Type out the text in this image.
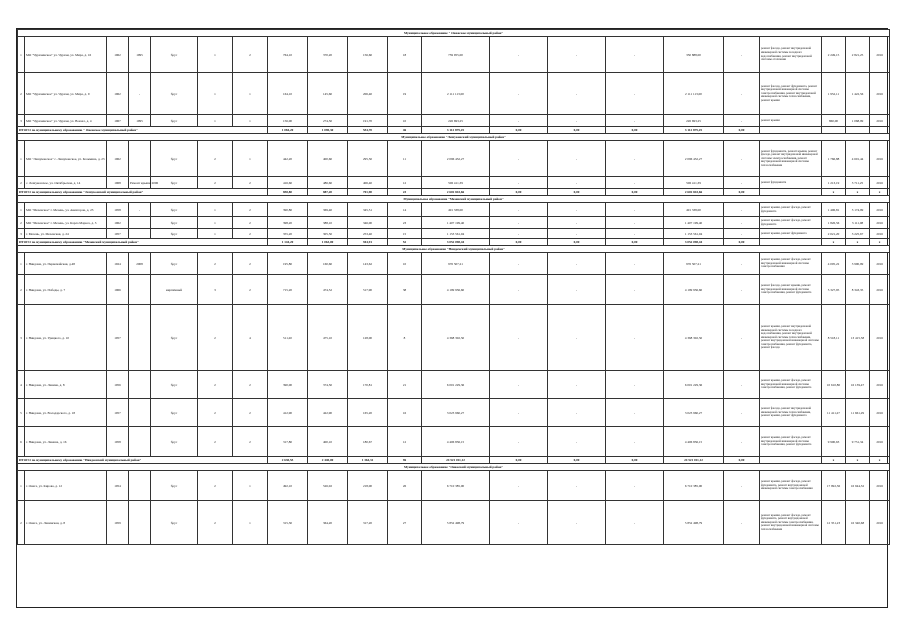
Муниципальное образование " Онежское муниципальный район"																				
1	МО "Чурачинское" ул. Чурачи, ул. Мира, д. 16	1962	1995	брус	1	2	764,10	370,20	156,60	18	759 955,00	-	-	-	350 888,00	-	ремонт фасада, ремонт внутридомовой инженерной системы холодного водоснабжения, ремонт внутридомовой системы отопления	2 249,15	2 821,25	2016
2	МО "Чурачинское" ул. Чурачи, ул. Мира, д. 9	1962	-	брус	1	1	164,10	145,60	206,40	19	2 111 113,00	-	-	-	2 111 113,00	-	ремонт фасада, ремонт фундамента, ремонт внутридомовой инженерной системы электроснабжения, ремонт внутридомовой инженерной системы теплоснабжения, ремонт крыши	1 952,11	1 422,56	2016
3	МО "Чурачинское" ул. Чурачи, ул. Вокзал, д. 4	1967	1995	брус	1	1	156,00	274,50	191,70	10	226 693,25	-	-	-	226 693,25	-	ремонт крыши	860,00	1 068,99	2016
ИТОГО по муниципальному образованию " Онежское муниципальный район"							1 084,20	1 090,30	554,70	46	3 112 879,25	0,00	0,00	0,00	3 112 879,25	0,00				
Муниципальное образование "Лешуконский муниципальный район"																				
1	МО "Лешуконское" с. Лешуконское, ул. Козьмина, д. 23	1962		брус	2	1	442,20	400,60	295,50	11	2 096 432,27	-	-	-	2 096 432,27	-	ремонт фундамента, ремонт крыши, ремонт фасада, ремонт внутридомовой инженерной системы электроснабжения, ремонт внутридомовой инженерной системы теплоснабжения	1 766,88	4 601,44	2016
2	с. Лешуконское, ул. Октябрьская, д. 14	1968	Ремонт крыши 2006	брус	2	2	416,60	486,60	406,40	12	506 411,39	-	-	-	506 411,39	-	ремонт фундамента	1 213,19	3 711,25	2016
ИТОГО по муниципальному образованию "Лешуконский муниципальный район"							858,80	887,20	701,90	23	2 602 843,66	0,00	0,00	0,00	2 602 843,66	0,00		x	x	x
Муниципальное образование "Мезенский муниципальный район"																				
1	МО "Мезенское" г. Мезень, ул. Авиаторов, д. 23	1958	-	брус	1	2	390,80	369,40	345,51	14	491 338,00	-	-	-	491 338,00	-	ремонт крыши, ремонт фасада, ремонт фундамента	1 406,81	3 174,99	2016
2	МО "Мезенское" г. Мезень, ул. Карла Маркса, д. 3	1962		брус	1	2	398,20	388,10	346,00	23	1 407 199,40	-	-	-	1 407 199,40	-	ремонт крыши, ремонт фасада, ремонт фундамента	1 826,56	3 111,08	2016
3	г. Мезень, ул. Мезенская, д. 24	1957		брус	1	2	355,20	305,50	253,40	15	1 153 561,04	-	-	-	1 153 561,04	-	ремонт крыши, ремонт фундамента	2 021,20	3 225,67	2016
ИТОГО по муниципальному образованию "Мезенский муниципальный район"							1 144,20	1 063,00	944,91	52	3 052 098,44	0,00	0,00	0,00	3 052 098,44	0,00		x	x	x
Муниципальное образование "Няндомский муниципальный район"																				
1	г. Няндома, ул. Первомайская, д.48	1924	2008	брус	2	2	195,80	160,60	143,62	10	976 507,21	-	-	-	976 507,21	-	ремонт крыши, ремонт фасада, ремонт внутридомовой инженерной системы электроснабжения	4 005,22	3 990,99	2016
2	г. Няндома, ул. Победы, д. 7	1966		кирпичный	3	2	715,20	474,52	517,90	38	4 199 936,60	-	-	-	4 199 936,60	-	ремонт фасада, ремонт крыши, ремонт внутридомовой инженерной системы электроснабжения, ремонт фундамента	5 327,95	8 343,35	2016
3	г. Няндома, ул. Урицкого, д. 10	1957		брус	2	4	511,20	475,10	128,00	8	4 368 302,50	-	-	-	4 368 302,50	-	ремонт крыши, ремонт внутридомовой инженерной системы холодного водоснабжения, ремонт внутридомовой инженерной системы теплоснабжения, ремонт внутридомовой инженерной системы электроснабжения, ремонт фундамента, ремонт фасада	8 518,11	13 415,58	2016
4	г. Няндома, ул. Ленина, д. 8	1956		брус	2	2	390,00	374,50	170,81	21	6 001 229,36	-	-	-	6 001 229,36	-	ремонт крыши, ремонт фасада, ремонт внутридомовой инженерной системы электроснабжения, ремонт фундамента	10 610,80	16 139,47	2016
5	г. Няндома, ул. Володарского, д. 18	1957		брус	2	2	412,90	422,90	165,20	16	3 023 960,27	-	-	-	3 023 960,27	-	ремонт фасада, ремонт внутридомовой инженерной системы теплоснабжения, ремонт крыши, ремонт фундамента	11 411,27	11 661,29	2016
6	г. Няндома, ул. Леваша, д. 16	1958		брус	2	2	317,80	400,10	180,67	12	4 406 836,15	-	-	-	4 406 836,15	-	ремонт крыши, ремонт фасада, ремонт внутридомовой инженерной системы электроснабжения, ремонт фундамента	9 900,63	9 751,34	2016
ИТОГО по муниципальному образованию "Няндомский муниципальный район"							2 630,55	2 440,00	1 364,31	96	24 521 011,12	0,00	0,00	0,00	24 521 011,12	0,00		x	x	x
Муниципальное образование "Онежский муниципальный район"																				
1	г. Онега, ул. Кирова, д. 12	1954		брус	2	1	492,10	526,02	218,00	26	6 710 385,00	-	-	-	6 710 385,00	-	ремонт крыши, ремонт фасада, ремонт фундамента, ремонт внутридомовой инженерной системы электроснабжения	17 992,36	16 944,32	2016
2	г. Онега, ул. Ленинская, д. 8	1959		брус	2	1	315,30	364,20	317,20	27	5 852 498,79	-	-	-	5 852 498,79	-	ремонт крыши, ремонт фасада, ремонт фундамента, ремонт внутридомовой инженерной системы электроснабжения, ремонт внутридомовой инженерной системы теплоснабжения	12 351,23	16 340,68	2016
